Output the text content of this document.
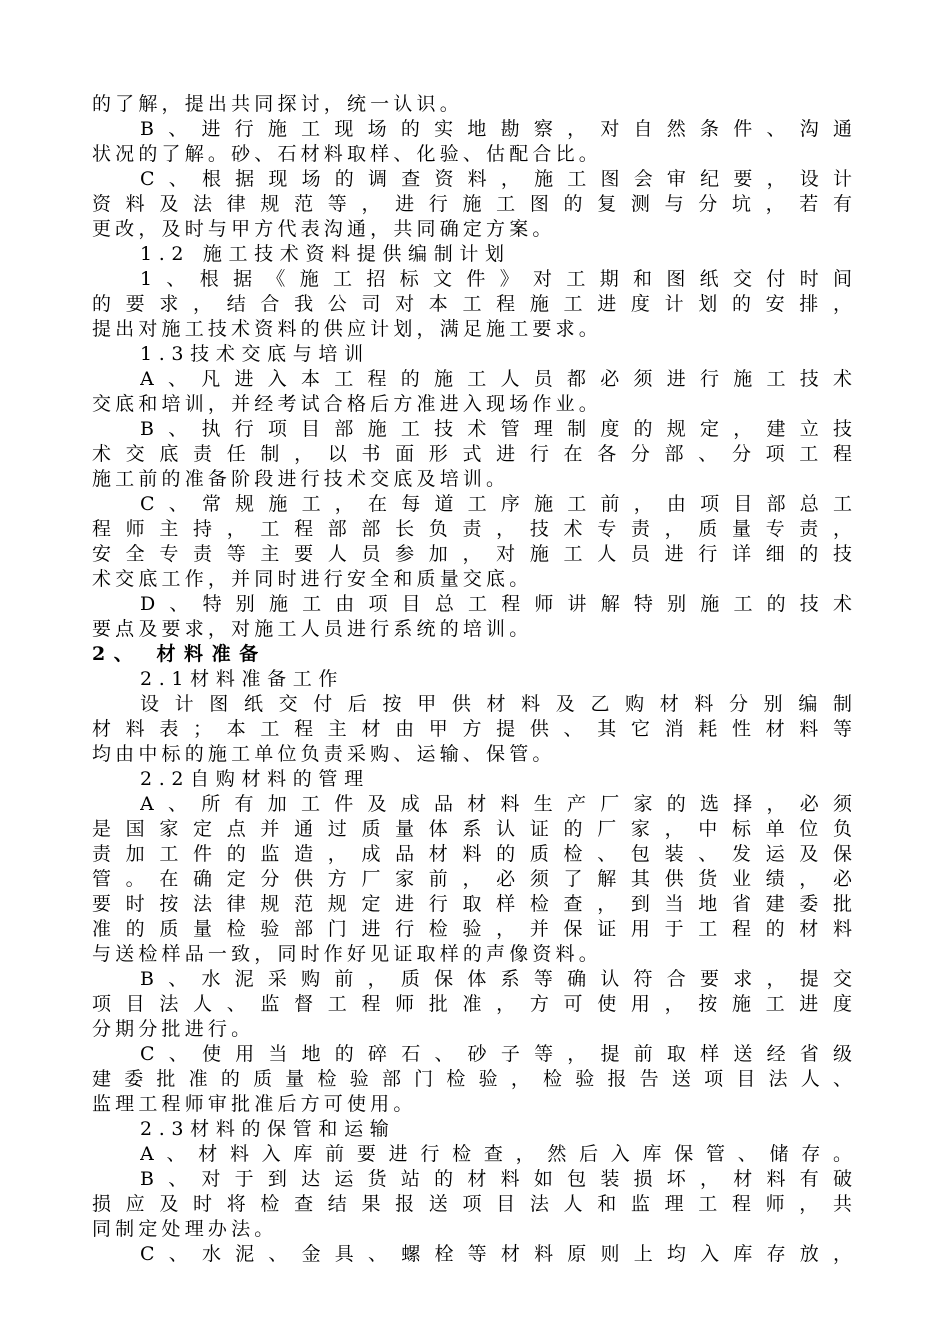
的了解，提出共同探讨，统一认识。
B、进行施工现场的实地勘察，对自然条件、沟通
状况的了解。砂、石材料取样、化验、估配合比。
C、根据现场的调查资料，施工图会审纪要，设计
资料及法律规范等，进行施工图的复测与分坑，若有
更改，及时与甲方代表沟通，共同确定方案。
1.2 施工技术资料提供编制计划
1、根据《施工招标文件》对工期和图纸交付时间
的要求，结合我公司对本工程施工进度计划的安排，
提出对施工技术资料的供应计划，满足施工要求。
1.3技术交底与培训
A、凡进入本工程的施工人员都必须进行施工技术
交底和培训，并经考试合格后方准进入现场作业。
B、执行项目部施工技术管理制度的规定，建立技
术交底责任制，以书面形式进行在各分部、分项工程
施工前的准备阶段进行技术交底及培训。
C、常规施工，在每道工序施工前，由项目部总工
程师主持，工程部部长负责，技术专责，质量专责，
安全专责等主要人员参加，对施工人员进行详细的技
术交底工作，并同时进行安全和质量交底。
D、特别施工由项目总工程师讲解特别施工的技术
要点及要求，对施工人员进行系统的培训。
2、 材料准备
2.1材料准备工作
设计图纸交付后按甲供材料及乙购材料分别编制
材料表；本工程主材由甲方提供、其它消耗性材料等
均由中标的施工单位负责采购、运输、保管。
2.2自购材料的管理
A、所有加工件及成品材料生产厂家的选择，必须
是国家定点并通过质量体系认证的厂家，中标单位负
责加工件的监造，成品材料的质检、包装、发运及保
管。在确定分供方厂家前，必须了解其供货业绩，必
要时按法律规范规定进行取样检查，到当地省建委批
准的质量检验部门进行检验，并保证用于工程的材料
与送检样品一致，同时作好见证取样的声像资料。
B、水泥采购前，质保体系等确认符合要求，提交
项目法人、监督工程师批准，方可使用，按施工进度
分期分批进行。
C、使用当地的碎石、砂子等，提前取样送经省级
建委批准的质量检验部门检验，检验报告送项目法人、
监理工程师审批准后方可使用。
2.3材料的保管和运输
A、材料入库前要进行检查，然后入库保管、储存。
B、对于到达运货站的材料如包装损坏，材料有破
损应及时将检查结果报送项目法人和监理工程师，共
同制定处理办法。
C、水泥、金具、螺栓等材料原则上均入库存放，
